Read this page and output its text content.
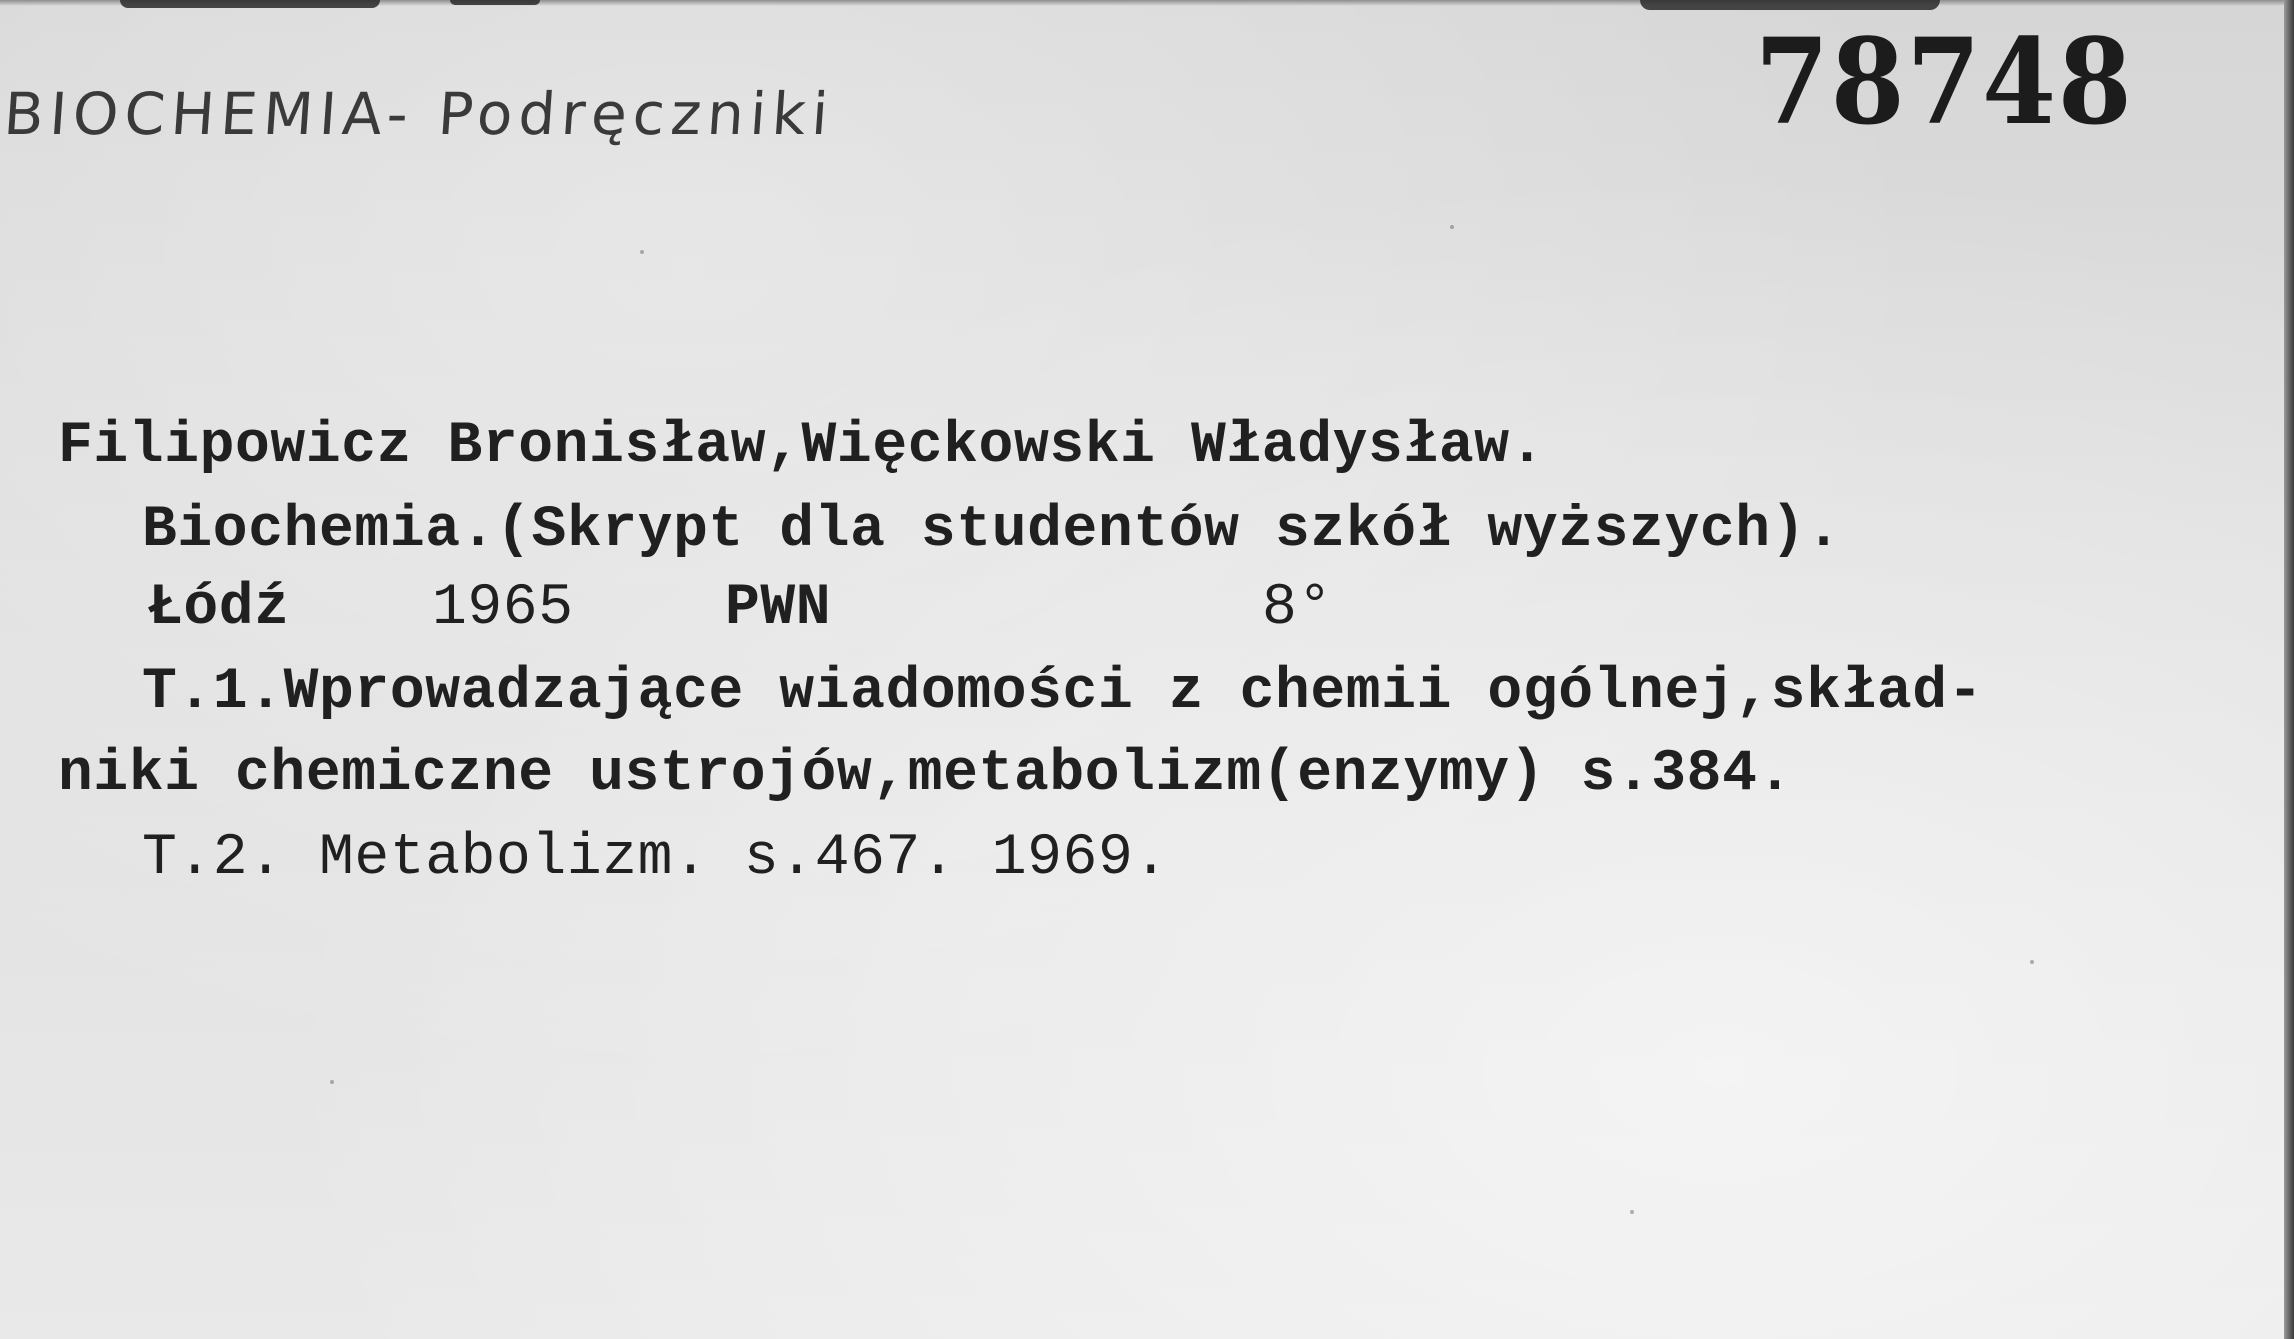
BIOCHEMIA- Podręczniki	78748
Filipowicz Bronisław,Więckowski Władysław.
Biochemia.(Skrypt dla studentów szkół wyższych).
Łódź 1965	PWN	8°
T.1.Wprowadzające wiadomości z chemii ogólnej,skład-
niki chemiczne ustrojów,metabolizm(enzymy) s.384.
T.2. Metabolizm. s.467. 1969.
